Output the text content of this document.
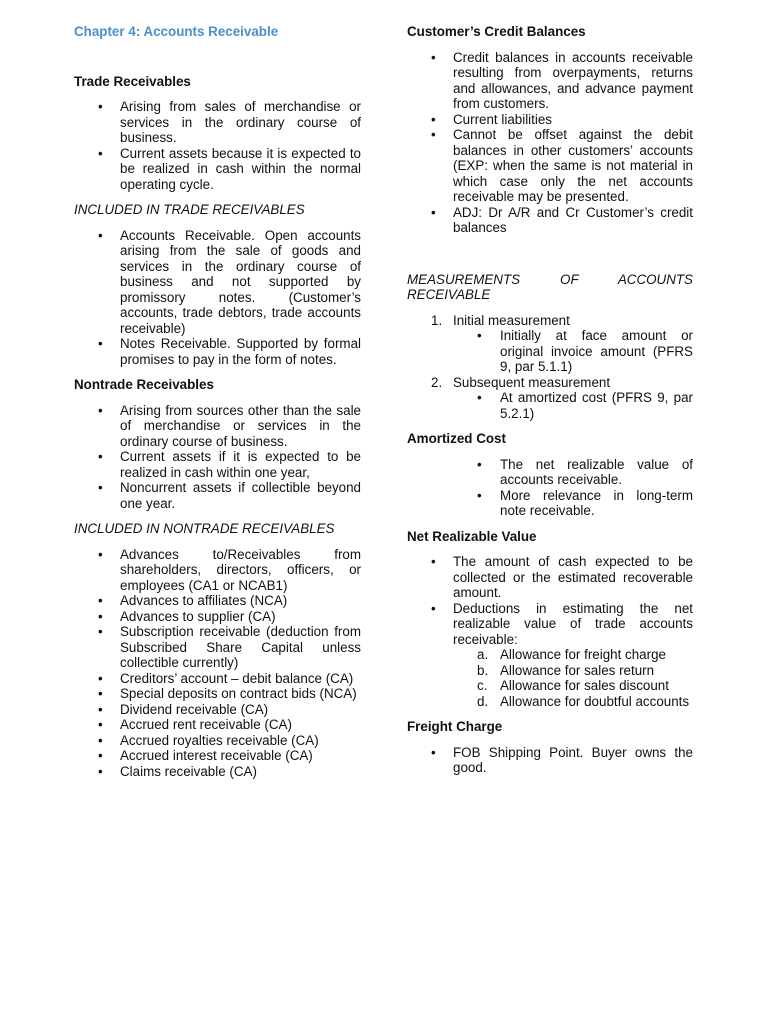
Chapter 4: Accounts Receivable
Trade Receivables
• Arising from sales of merchandise or services in the ordinary course of business.
• Current assets because it is expected to be realized in cash within the normal operating cycle.
INCLUDED IN TRADE RECEIVABLES
• Accounts Receivable. Open accounts arising from the sale of goods and services in the ordinary course of business and not supported by promissory notes. (Customer’s accounts, trade debtors, trade accounts receivable)
• Notes Receivable. Supported by formal promises to pay in the form of notes.
Nontrade Receivables
• Arising from sources other than the sale of merchandise or services in the ordinary course of business.
• Current assets if it is expected to be realized in cash within one year,
• Noncurrent assets if collectible beyond one year.
INCLUDED IN NONTRADE RECEIVABLES
• Advances to/Receivables from shareholders, directors, officers, or employees (CA1 or NCAB1)
• Advances to affiliates (NCA)
• Advances to supplier (CA)
• Subscription receivable (deduction from Subscribed Share Capital unless collectible currently)
• Creditors’ account – debit balance (CA)
• Special deposits on contract bids (NCA)
• Dividend receivable (CA)
• Accrued rent receivable (CA)
• Accrued royalties receivable (CA)
• Accrued interest receivable (CA)
• Claims receivable (CA)
Customer’s Credit Balances
• Credit balances in accounts receivable resulting from overpayments, returns and allowances, and advance payment from customers.
• Current liabilities
• Cannot be offset against the debit balances in other customers’ accounts (EXP: when the same is not material in which case only the net accounts receivable may be presented.
• ADJ: Dr A/R and Cr Customer’s credit balances
MEASUREMENTS OF ACCOUNTS RECEIVABLE
1. Initial measurement
• Initially at face amount or original invoice amount (PFRS 9, par 5.1.1)
2. Subsequent measurement
• At amortized cost (PFRS 9, par 5.2.1)
Amortized Cost
• The net realizable value of accounts receivable.
• More relevance in long-term note receivable.
Net Realizable Value
• The amount of cash expected to be collected or the estimated recoverable amount.
• Deductions in estimating the net realizable value of trade accounts receivable:
a. Allowance for freight charge
b. Allowance for sales return
c. Allowance for sales discount
d. Allowance for doubtful accounts
Freight Charge
• FOB Shipping Point. Buyer owns the good.
